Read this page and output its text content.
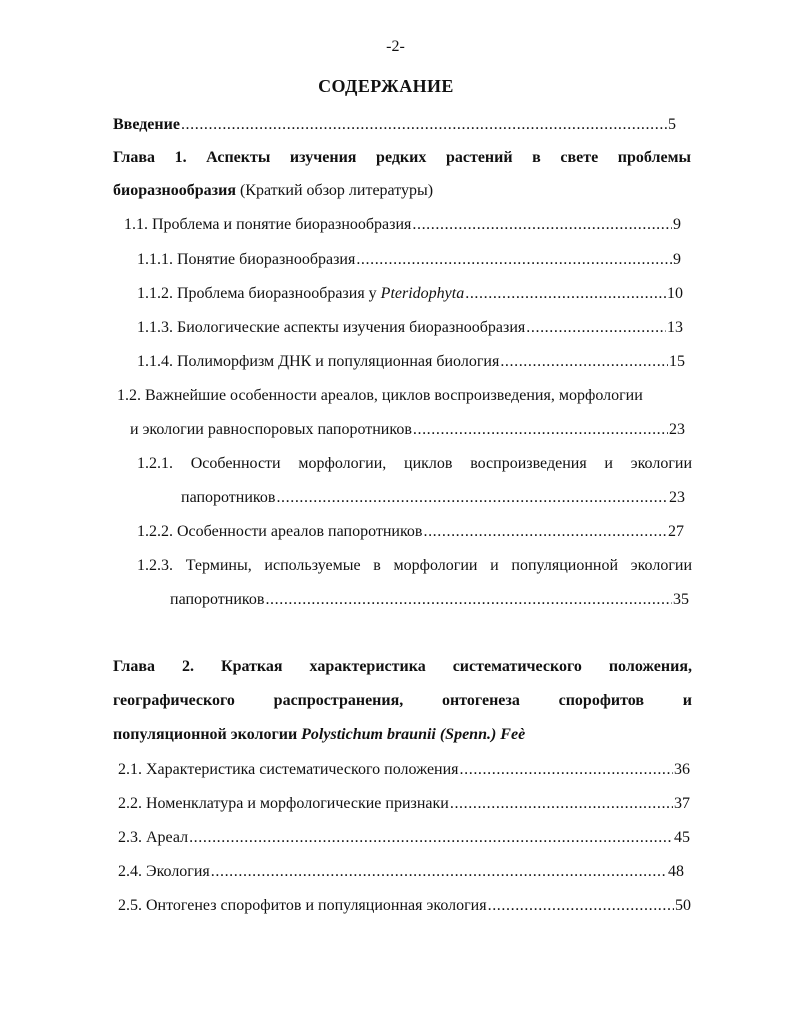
-2-
СОДЕРЖАНИЕ
Введение .....	5
Глава 1. Аспекты изучения редких растений в свете проблемы
биоразнообразия (Краткий обзор литературы)
1.1. Проблема и понятие биоразнообразия .....	9
1.1.1. Понятие биоразнообразия .....	9
1.1.2. Проблема биоразнообразия у Pteridophyta .....	10
1.1.3. Биологические аспекты изучения биоразнообразия .....	13
1.1.4. Полиморфизм ДНК и популяционная биология .....	15
1.2. Важнейшие особенности ареалов, циклов воспроизведения, морфологии
и экологии равноспоровых папоротников .....	23
1.2.1. Особенности морфологии, циклов воспроизведения и экологии
папоротников .....	23
1.2.2. Особенности ареалов папоротников .....	27
1.2.3. Термины, используемые в морфологии и популяционной экологии
папоротников .....	35
Глава 2. Краткая характеристика систематического положения,
географического распространения, онтогенеза спорофитов и
популяционной экологии Polystichum braunii (Spenn.) Feè
2.1. Характеристика систематического положения .....	36
2.2. Номенклатура и морфологические признаки .....	37
2.3. Ареал .....	45
2.4. Экология .....	48
2.5. Онтогенез спорофитов и популяционная экология .....	50
